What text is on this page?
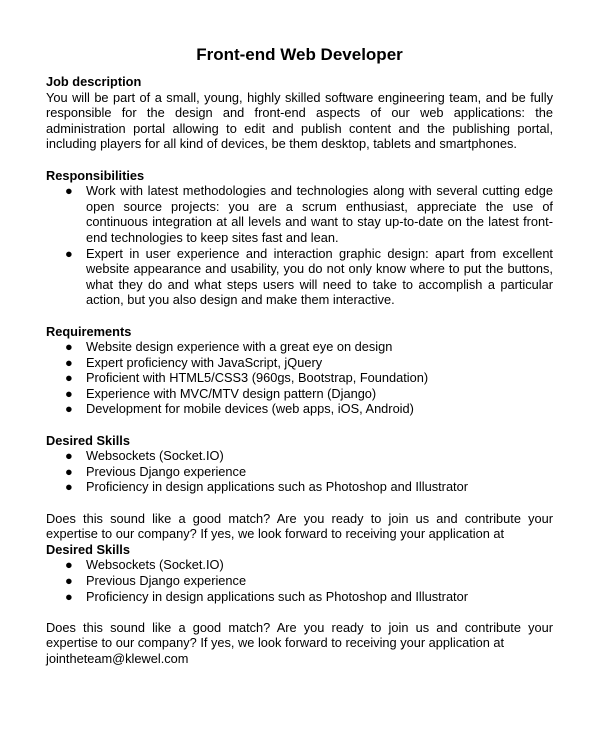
Front-end Web Developer
Job description

You will be part of a small, young, highly skilled software engineering team, and be fully responsible for the design and front-end aspects of our web applications: the administration portal allowing to edit and publish content and the publishing portal, including players for all kind of devices, be them desktop, tablets and smartphones.

Responsibilities
● Work with latest methodologies and technologies along with several cutting edge open source projects: you are a scrum enthusiast, appreciate the use of continuous integration at all levels and want to stay up-to-date on the latest front-end technologies to keep sites fast and lean.
● Expert in user experience and interaction graphic design: apart from excellent website appearance and usability, you do not only know where to put the buttons, what they do and what steps users will need to take to accomplish a particular action, but you also design and make them interactive.
Requirements
● Website design experience with a great eye on design
● Expert proficiency with JavaScript, jQuery
● Proficient with HTML5/CSS3 (960gs, Bootstrap, Foundation)
● Experience with MVC/MTV design pattern (Django)
● Development for mobile devices (web apps, iOS, Android)
Desired Skills
● Websockets (Socket.IO)
● Previous Django experience
● Proficiency in design applications such as Photoshop and Illustrator

Does this sound like a good match? Are you ready to join us and contribute your expertise to our company? If yes, we look forward to receiving your application at

Desired Skills
● Websockets (Socket.IO)
● Previous Django experience
● Proficiency in design applications such as Photoshop and Illustrator

Does this sound like a good match? Are you ready to join us and contribute your expertise to our company? If yes, we look forward to receiving your application at

jointheteam@klewel.com
